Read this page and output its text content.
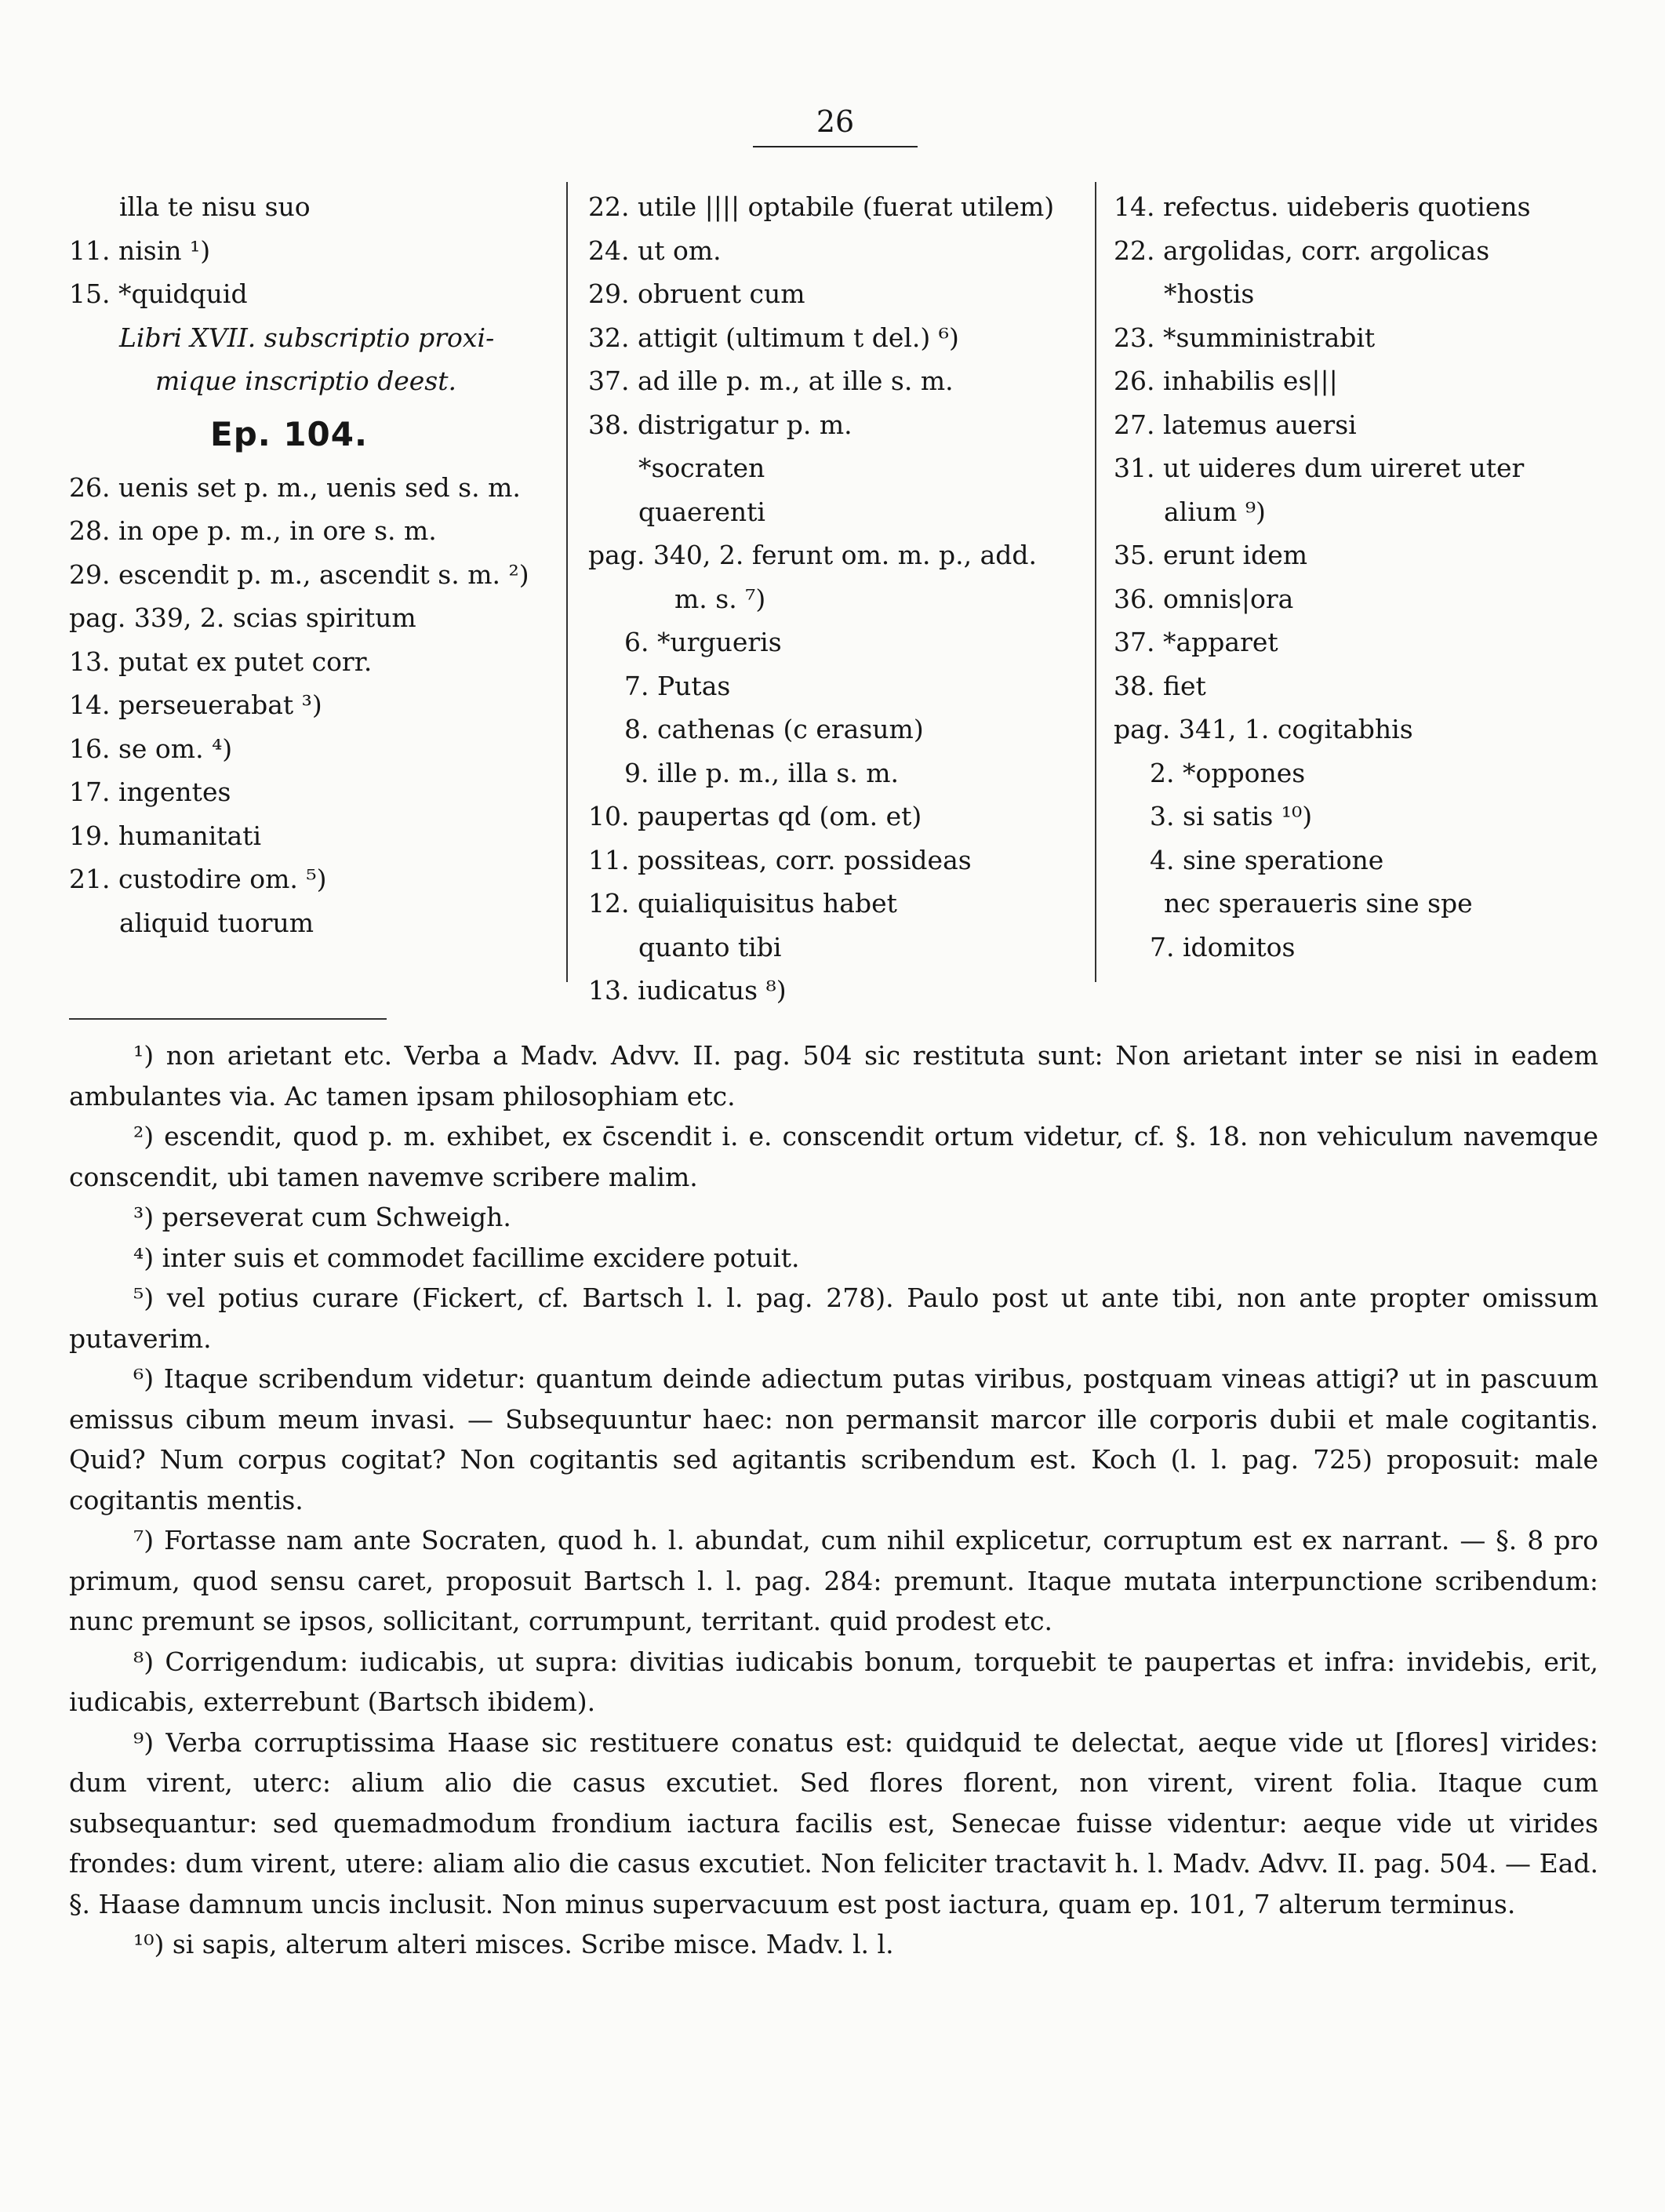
26
illa te nisu suo
11. nisin ¹)
15. *quidquid
Libri XVII. subscriptio proxi-
mique inscriptio deest.
Ep. 104.
26. uenis set p. m., uenis sed s. m.
28. in ope p. m., in ore s. m.
29. escendit p. m., ascendit s. m. ²)
pag. 339, 2. scias spiritum
13. putat ex putet corr.
14. perseuerabat ³)
16. se om. ⁴)
17. ingentes
19. humanitati
21. custodire om. ⁵)
aliquid tuorum
22. utile |||| optabile (fuerat utilem)
24. ut om.
29. obruent cum
32. attigit (ultimum t del.) ⁶)
37. ad ille p. m., at ille s. m.
38. distrigatur p. m.
*socraten
quaerenti
pag. 340, 2. ferunt om. m. p., add.
m. s. ⁷)
6. *urgueris
7. Putas
8. cathenas (c erasum)
9. ille p. m., illa s. m.
10. paupertas qd (om. et)
11. possiteas, corr. possideas
12. quialiquisitus habet
quanto tibi
13. iudicatus ⁸)
14. refectus. uideberis quotiens
22. argolidas, corr. argolicas
*hostis
23. *sumministrabit
26. inhabilis es|||
27. latemus auersi
31. ut uideres dum uireret uter
alium ⁹)
35. erunt idem
36. omnis|ora
37. *apparet
38. fiet
pag. 341, 1. cogitabhis
2. *oppones
3. si satis ¹⁰)
4. sine speratione
nec speraueris sine spe
7. idomitos

¹) non arietant etc. Verba a Madv. Advv. II. pag. 504 sic restituta sunt: Non arietant inter se nisi in eadem ambulantes via. Ac tamen ipsam philosophiam etc.

²) escendit, quod p. m. exhibet, ex c̄scendit i. e. conscendit ortum videtur, cf. §. 18. non vehiculum navemque conscendit, ubi tamen navemve scribere malim.

³) perseverat cum Schweigh.

⁴) inter suis et commodet facillime excidere potuit.

⁵) vel potius curare (Fickert, cf. Bartsch l. l. pag. 278). Paulo post ut ante tibi, non ante propter omissum putaverim.

⁶) Itaque scribendum videtur: quantum deinde adiectum putas viribus, postquam vineas attigi? ut in pascuum emissus cibum meum invasi. — Subsequuntur haec: non permansit marcor ille corporis dubii et male cogitantis. Quid? Num corpus cogitat? Non cogitantis sed agitantis scribendum est. Koch (l. l. pag. 725) proposuit: male cogitantis mentis.

⁷) Fortasse nam ante Socraten, quod h. l. abundat, cum nihil explicetur, corruptum est ex narrant. — §. 8 pro primum, quod sensu caret, proposuit Bartsch l. l. pag. 284: premunt. Itaque mutata interpunctione scribendum: nunc premunt se ipsos, sollicitant, corrumpunt, territant. quid prodest etc.

⁸) Corrigendum: iudicabis, ut supra: divitias iudicabis bonum, torquebit te paupertas et infra: invidebis, erit, iudicabis, exterrebunt (Bartsch ibidem).

⁹) Verba corruptissima Haase sic restituere conatus est: quidquid te delectat, aeque vide ut [flores] virides: dum virent, uterc: alium alio die casus excutiet. Sed flores florent, non virent, virent folia. Itaque cum subsequantur: sed quemadmodum frondium iactura facilis est, Senecae fuisse videntur: aeque vide ut virides frondes: dum virent, utere: aliam alio die casus excutiet. Non feliciter tractavit h. l. Madv. Advv. II. pag. 504. — Ead. §. Haase damnum uncis inclusit. Non minus supervacuum est post iactura, quam ep. 101, 7 alterum terminus.

¹⁰) si sapis, alterum alteri misces. Scribe misce. Madv. l. l.
